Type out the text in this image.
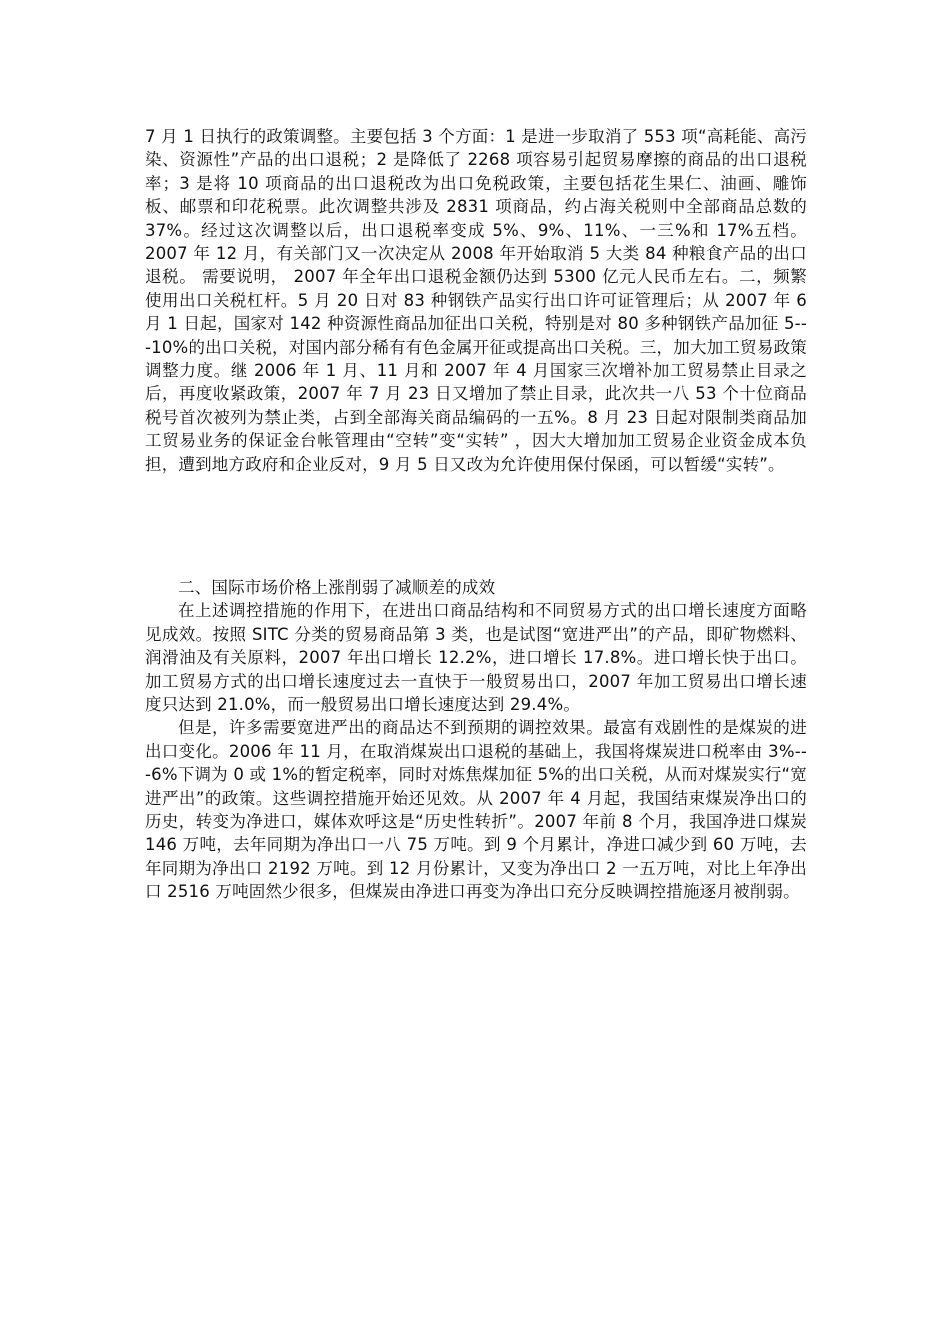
7 月 1 日执行的政策调整。主要包括 3 个方面：1 是进一步取消了 553 项“高耗能、高污染、资源性”产品的出口退税；2 是降低了 2268 项容易引起贸易摩擦的商品的出口退税率；3 是将 10 项商品的出口退税改为出口免税政策，主要包括花生果仁、油画、雕饰板、邮票和印花税票。此次调整共涉及 2831 项商品，约占海关税则中全部商品总数的 37%。经过这次调整以后，出口退税率变成 5%、9%、11%、一三%和 17%五档。2007 年 12 月，有关部门又一次决定从 2008 年开始取消 5 大类 84 种粮食产品的出口退税。 需要说明， 2007 年全年出口退税金额仍达到 5300 亿元人民币左右。二，频繁使用出口关税杠杆。5 月 20 日对 83 种钢铁产品实行出口许可证管理后；从 2007 年 6 月 1 日起，国家对 142 种资源性商品加征出口关税，特别是对 80 多种钢铁产品加征 5---10%的出口关税，对国内部分稀有有色金属开征或提高出口关税。三，加大加工贸易政策调整力度。继 2006 年 1 月、11 月和 2007 年 4 月国家三次增补加工贸易禁止目录之后，再度收紧政策，2007 年 7 月 23 日又增加了禁止目录，此次共一八 53 个十位商品税号首次被列为禁止类，占到全部海关商品编码的一五%。8 月 23 日起对限制类商品加工贸易业务的保证金台帐管理由“空转”变“实转” ，因大大增加加工贸易企业资金成本负担，遭到地方政府和企业反对，9 月 5 日又改为允许使用保付保函，可以暂缓“实转”。

二、国际市场价格上涨削弱了减顺差的成效

在上述调控措施的作用下，在进出口商品结构和不同贸易方式的出口增长速度方面略见成效。按照 SITC 分类的贸易商品第 3 类，也是试图“宽进严出”的产品，即矿物燃料、润滑油及有关原料，2007 年出口增长 12.2%，进口增长 17.8%。进口增长快于出口。加工贸易方式的出口增长速度过去一直快于一般贸易出口，2007 年加工贸易出口增长速度只达到 21.0%，而一般贸易出口增长速度达到 29.4%。

但是，许多需要宽进严出的商品达不到预期的调控效果。最富有戏剧性的是煤炭的进出口变化。2006 年 11 月，在取消煤炭出口退税的基础上，我国将煤炭进口税率由 3%---6%下调为 0 或 1%的暂定税率，同时对炼焦煤加征 5%的出口关税，从而对煤炭实行“宽进严出”的政策。这些调控措施开始还见效。从 2007 年 4 月起，我国结束煤炭净出口的历史，转变为净进口，媒体欢呼这是“历史性转折”。2007 年前 8 个月，我国净进口煤炭 146 万吨，去年同期为净出口一八 75 万吨。到 9 个月累计，净进口减少到 60 万吨，去年同期为净出口 2192 万吨。到 12 月份累计，又变为净出口 2 一五万吨，对比上年净出口 2516 万吨固然少很多，但煤炭由净进口再变为净出口充分反映调控措施逐月被削弱。
